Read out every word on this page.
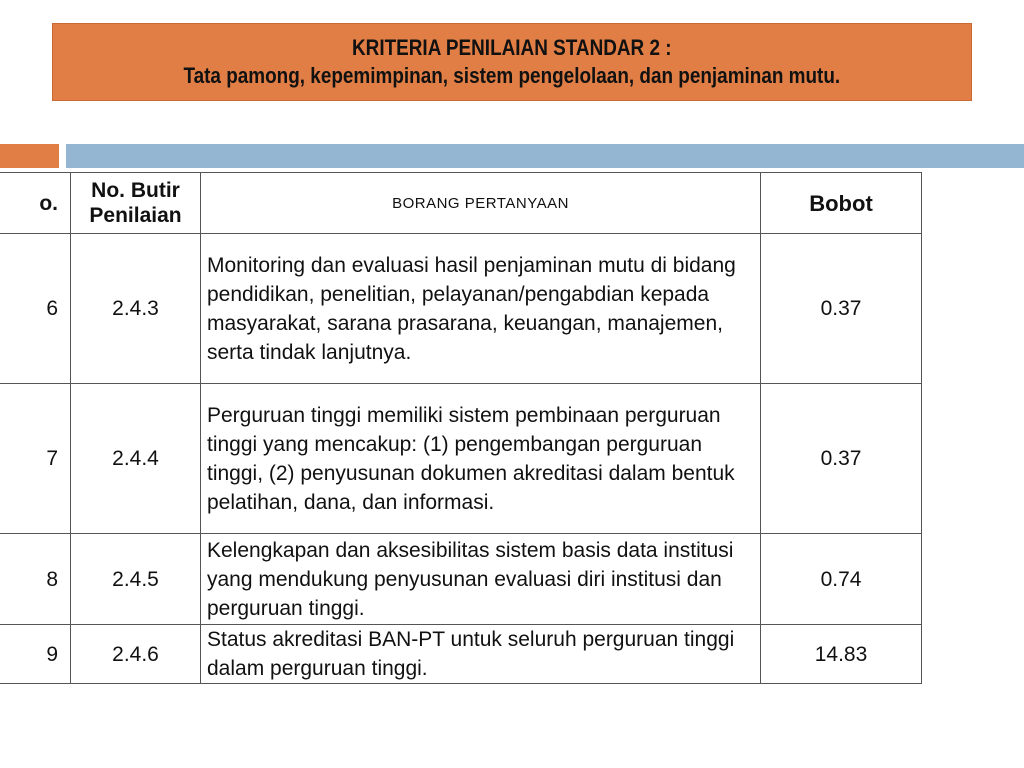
KRITERIA PENILAIAN STANDAR 2 :
Tata pamong, kepemimpinan, sistem pengelolaan, dan penjaminan mutu.
o.	No. Butir Penilaian	BORANG PERTANYAAN	Bobot
6	2.4.3	Monitoring dan evaluasi hasil penjaminan mutu di bidang pendidikan, penelitian, pelayanan/pengabdian kepada masyarakat, sarana prasarana, keuangan, manajemen, serta tindak lanjutnya.	0.37
7	2.4.4	Perguruan tinggi memiliki sistem pembinaan perguruan tinggi yang mencakup: (1) pengembangan perguruan tinggi, (2) penyusunan dokumen akreditasi dalam bentuk pelatihan, dana, dan informasi.	0.37
8	2.4.5	Kelengkapan dan aksesibilitas sistem basis data institusi yang mendukung penyusunan evaluasi diri institusi dan perguruan tinggi.	0.74
9	2.4.6	Status akreditasi BAN-PT untuk seluruh perguruan tinggi dalam perguruan tinggi.	14.83
